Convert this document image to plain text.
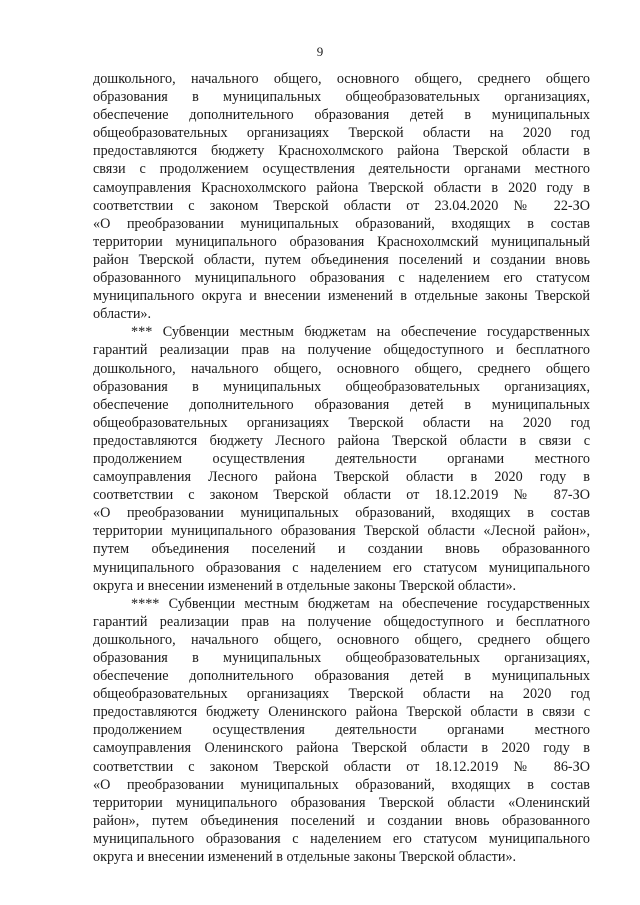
9
дошкольного, начального общего, основного общего, среднего общего
образования в муниципальных общеобразовательных организациях,
обеспечение дополнительного образования детей в муниципальных
общеобразовательных организациях Тверской области на 2020 год
предоставляются бюджету Краснохолмского района Тверской области в
связи с продолжением осуществления деятельности органами местного
самоуправления Краснохолмского района Тверской области в 2020 году в
соответствии с законом Тверской области от 23.04.2020 № 22-ЗО
«О преобразовании муниципальных образований, входящих в состав
территории муниципального образования Краснохолмский муниципальный
район Тверской области, путем объединения поселений и создании вновь
образованного муниципального образования с наделением его статусом
муниципального округа и внесении изменений в отдельные законы Тверской
области».
*** Субвенции местным бюджетам на обеспечение государственных
гарантий реализации прав на получение общедоступного и бесплатного
дошкольного, начального общего, основного общего, среднего общего
образования в муниципальных общеобразовательных организациях,
обеспечение дополнительного образования детей в муниципальных
общеобразовательных организациях Тверской области на 2020 год
предоставляются бюджету Лесного района Тверской области в связи с
продолжением осуществления деятельности органами местного
самоуправления Лесного района Тверской области в 2020 году в
соответствии с законом Тверской области от 18.12.2019 № 87-ЗО
«О преобразовании муниципальных образований, входящих в состав
территории муниципального образования Тверской области «Лесной район»,
путем объединения поселений и создании вновь образованного
муниципального образования с наделением его статусом муниципального
округа и внесении изменений в отдельные законы Тверской области».
**** Субвенции местным бюджетам на обеспечение государственных
гарантий реализации прав на получение общедоступного и бесплатного
дошкольного, начального общего, основного общего, среднего общего
образования в муниципальных общеобразовательных организациях,
обеспечение дополнительного образования детей в муниципальных
общеобразовательных организациях Тверской области на 2020 год
предоставляются бюджету Оленинского района Тверской области в связи с
продолжением осуществления деятельности органами местного
самоуправления Оленинского района Тверской области в 2020 году в
соответствии с законом Тверской области от 18.12.2019 № 86-ЗО
«О преобразовании муниципальных образований, входящих в состав
территории муниципального образования Тверской области «Оленинский
район», путем объединения поселений и создании вновь образованного
муниципального образования с наделением его статусом муниципального
округа и внесении изменений в отдельные законы Тверской области».
